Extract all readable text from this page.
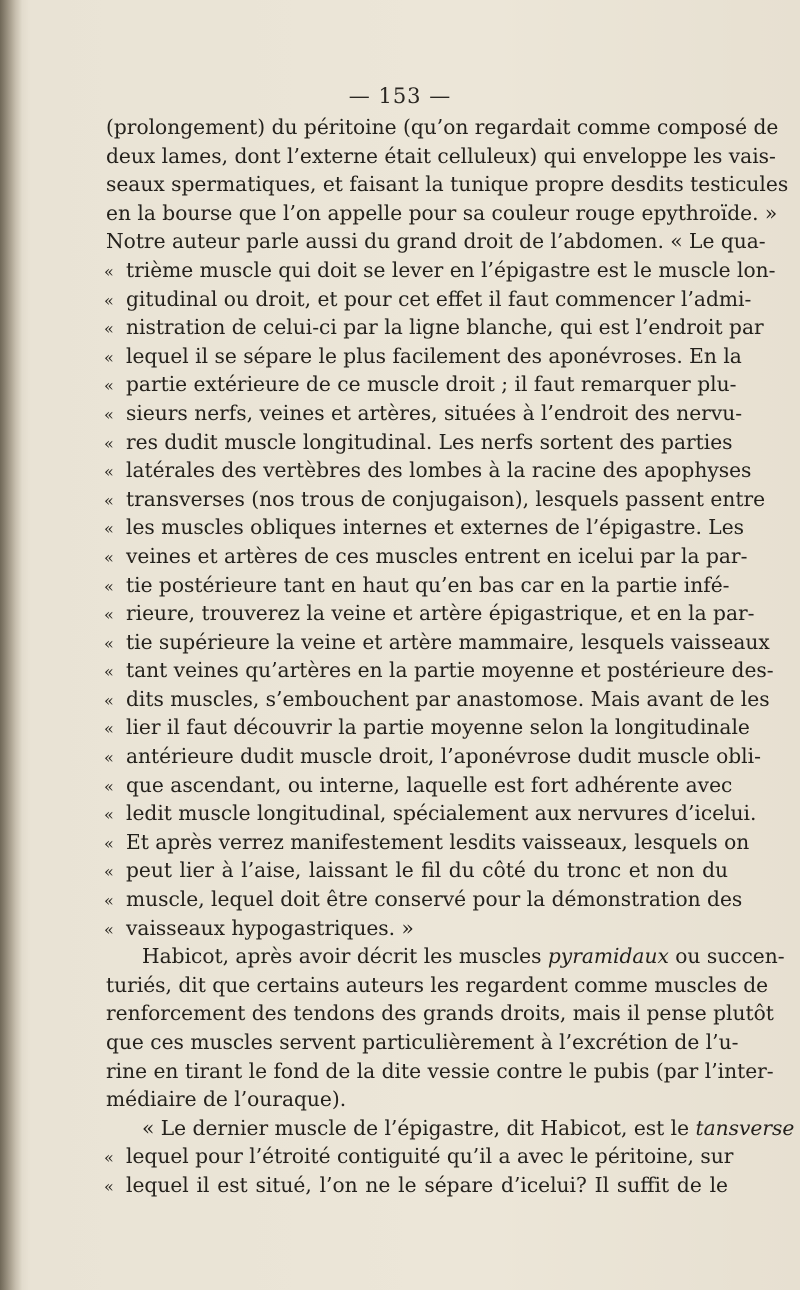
— 153 —
(prolongement) du péritoine (qu’on regardait comme composé de
deux lames, dont l’externe était celluleux) qui enveloppe les vais-
seaux spermatiques, et faisant la tunique propre desdits testicules
en la bourse que l’on appelle pour sa couleur rouge epythroïde. »
Notre auteur parle aussi du grand droit de l’abdomen. « Le qua-
« trième muscle qui doit se lever en l’épigastre est le muscle lon-
« gitudinal ou droit, et pour cet effet il faut commencer l’admi-
« nistration de celui-ci par la ligne blanche, qui est l’endroit par
« lequel il se sépare le plus facilement des aponévroses. En la
« partie extérieure de ce muscle droit ; il faut remarquer plu-
« sieurs nerfs, veines et artères, situées à l’endroit des nervu-
« res dudit muscle longitudinal. Les nerfs sortent des parties
« latérales des vertèbres des lombes à la racine des apophyses
« transverses (nos trous de conjugaison), lesquels passent entre
« les muscles obliques internes et externes de l’épigastre. Les
« veines et artères de ces muscles entrent en icelui par la par-
« tie postérieure tant en haut qu’en bas car en la partie infé-
« rieure, trouverez la veine et artère épigastrique, et en la par-
« tie supérieure la veine et artère mammaire, lesquels vaisseaux
« tant veines qu’artères en la partie moyenne et postérieure des-
« dits muscles, s’embouchent par anastomose. Mais avant de les
« lier il faut découvrir la partie moyenne selon la longitudinale
« antérieure dudit muscle droit, l’aponévrose dudit muscle obli-
« que ascendant, ou interne, laquelle est fort adhérente avec
« ledit muscle longitudinal, spécialement aux nervures d’icelui.
« Et après verrez manifestement lesdits vaisseaux, lesquels on
« peut lier à l’aise, laissant le fil du côté du tronc et non du
« muscle, lequel doit être conservé pour la démonstration des
« vaisseaux hypogastriques. »
Habicot, après avoir décrit les muscles pyramidaux ou succen-
turiés, dit que certains auteurs les regardent comme muscles de
renforcement des tendons des grands droits, mais il pense plutôt
que ces muscles servent particulièrement à l’excrétion de l’u-
rine en tirant le fond de la dite vessie contre le pubis (par l’inter-
médiaire de l’ouraque).
« Le dernier muscle de l’épigastre, dit Habicot, est le tansverse
« lequel pour l’étroité contiguité qu’il a avec le péritoine, sur
« lequel il est situé, l’on ne le sépare d’icelui? Il suffit de le
